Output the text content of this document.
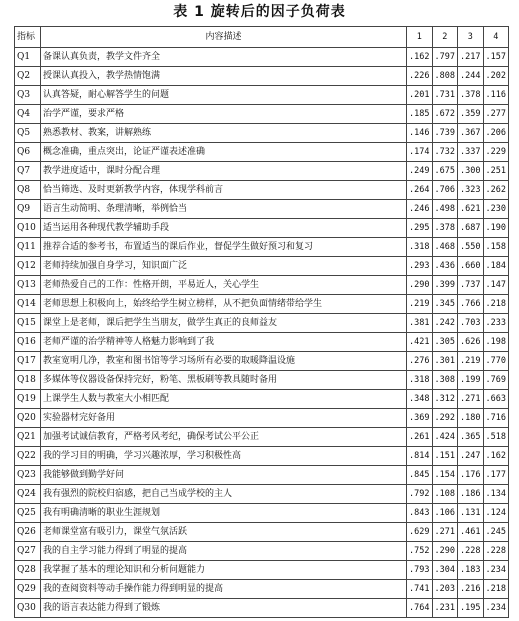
表 1 旋转后的因子负荷表
指标	内容描述	1	2	3	4
Q1	备课认真负责，教学文件齐全	.162	.797	.217	.157
Q2	授课认真投入，教学热情饱满	.226	.808	.244	.202
Q3	认真答疑，耐心解答学生的问题	.201	.731	.378	.116
Q4	治学严谨，要求严格	.185	.672	.359	.277
Q5	熟悉教材、教案，讲解熟练	.146	.739	.367	.206
Q6	概念准确，重点突出，论证严谨表述准确	.174	.732	.337	.229
Q7	教学进度适中，课时分配合理	.249	.675	.300	.251
Q8	恰当筛选、及时更新教学内容，体现学科前言	.264	.706	.323	.262
Q9	语言生动简明、条理清晰，举例恰当	.246	.498	.621	.230
Q10	适当运用各种现代教学辅助手段	.295	.378	.687	.190
Q11	推荐合适的参考书，布置适当的课后作业，督促学生做好预习和复习	.318	.468	.550	.158
Q12	老师持续加强自身学习，知识面广泛	.293	.436	.660	.184
Q13	老师热爱自己的工作：性格开朗，平易近人，关心学生	.290	.399	.737	.147
Q14	老师思想上积极向上，始终给学生树立榜样，从不把负面情绪带给学生	.219	.345	.766	.218
Q15	课堂上是老师，课后把学生当朋友，做学生真正的良师益友	.381	.242	.703	.233
Q16	老师严谨的治学精神等人格魅力影响到了我	.421	.305	.626	.198
Q17	教室宽明几净，教室和图书馆等学习场所有必要的取暖降温设施	.276	.301	.219	.770
Q18	多媒体等仪器设备保持完好，粉笔、黑板刷等教具随时备用	.318	.308	.199	.769
Q19	上课学生人数与教室大小相匹配	.348	.312	.271	.663
Q20	实验器材完好备用	.369	.292	.180	.716
Q21	加强考试诚信教育，严格考风考纪，确保考试公平公正	.261	.424	.365	.518
Q22	我的学习目的明确，学习兴趣浓厚，学习积极性高	.814	.151	.247	.162
Q23	我能够做到勤学好问	.845	.154	.176	.177
Q24	我有强烈的院校归宿感，把自己当成学校的主人	.792	.108	.186	.134
Q25	我有明确清晰的职业生涯规划	.843	.106	.131	.124
Q26	老师课堂富有吸引力，课堂气氛活跃	.629	.271	.461	.245
Q27	我的自主学习能力得到了明显的提高	.752	.290	.228	.228
Q28	我掌握了基本的理论知识和分析问题能力	.793	.304	.183	.234
Q29	我的查阅资料等动手操作能力得到明显的提高	.741	.203	.216	.218
Q30	我的语言表达能力得到了锻炼	.764	.231	.195	.234
